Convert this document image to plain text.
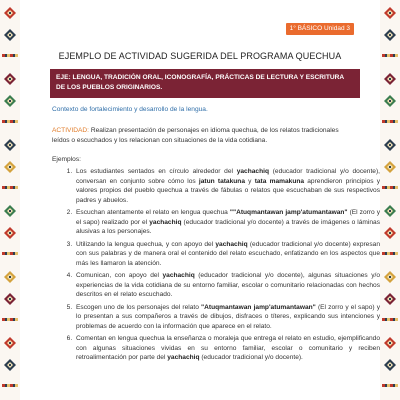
1° BÁSICO Unidad 3
EJEMPLO DE ACTIVIDAD SUGERIDA DEL PROGRAMA QUECHUA
EJE: LENGUA, TRADICIÓN ORAL, ICONOGRAFÍA, PRÁCTICAS DE LECTURA Y ESCRITURA DE LOS PUEBLOS ORIGINARIOS.
Contexto de fortalecimiento y desarrollo de la lengua.
ACTIVIDAD: Realizan presentación de personajes en idioma quechua, de los relatos tradicionales leídos o escuchados y los relacionan con situaciones de la vida cotidiana.
Ejemplos:
1. Los estudiantes sentados en círculo alrededor del yachachiq (educador tradicional y/o docente), conversan en conjunto sobre cómo los jatun tatakuna y tata mamakuna aprendieron principios y valores propios del pueblo quechua a través de fábulas o relatos que escuchaban de sus respectivos padres y abuelos.
2. Escuchan atentamente el relato en lengua quechua ""Atuqmantawan jamp'atumantawan" (El zorro y el sapo) realizado por el yachachiq (educador tradicional y/o docente) a través de imágenes o láminas alusivas a los personajes.
3. Utilizando la lengua quechua, y con apoyo del yachachiq (educador tradicional y/o docente) expresan con sus palabras y de manera oral el contenido del relato escuchado, enfatizando en los aspectos que más les llamaron la atención.
4. Comunican, con apoyo del yachachiq (educador tradicional y/o docente), algunas situaciones y/o experiencias de la vida cotidiana de su entorno familiar, escolar o comunitario relacionadas con hechos descritos en el relato escuchado.
5. Escogen uno de los personajes del relato "Atuqmantawan jamp'atumantawan" (El zorro y el sapo) y lo presentan a sus compañeros a través de dibujos, disfraces o títeres, explicando sus intenciones y problemas de acuerdo con la información que aparece en el relato.
6. Comentan en lengua quechua la enseñanza o moraleja que entrega el relato en estudio, ejemplificando con algunas situaciones vividas en su entorno familiar, escolar o comunitario y reciben retroalimentación por parte del yachachiq (educador tradicional y/o docente).
